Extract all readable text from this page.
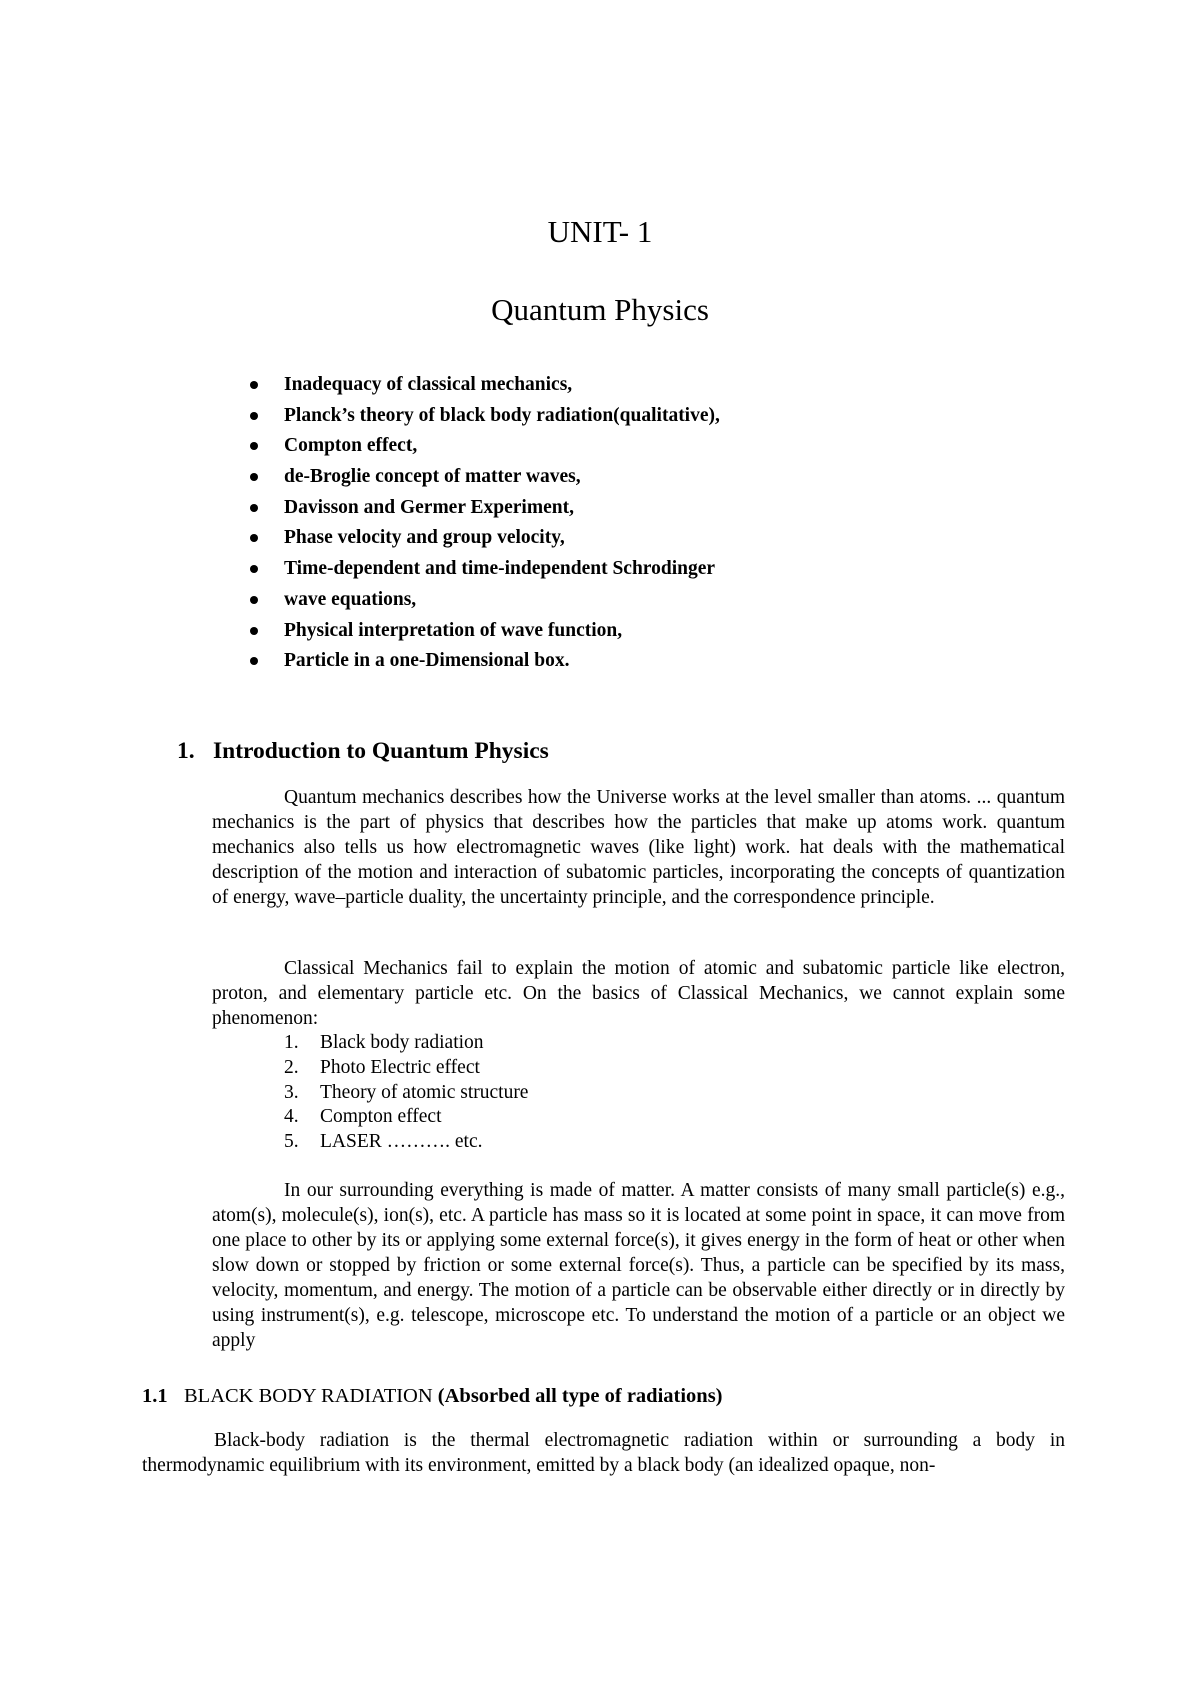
UNIT- 1
Quantum Physics
Inadequacy of classical mechanics,
Planck’s theory of black body radiation(qualitative),
Compton effect,
de-Broglie concept of matter waves,
Davisson and Germer Experiment,
Phase velocity and group velocity,
Time-dependent and time-independent Schrodinger
wave equations,
Physical interpretation of wave function,
Particle in a one-Dimensional box.
1. Introduction to Quantum Physics

Quantum mechanics describes how the Universe works at the level smaller than atoms. ... quantum mechanics is the part of physics that describes how the particles that make up atoms work. quantum mechanics also tells us how electromagnetic waves (like light) work. hat deals with the mathematical description of the motion and interaction of subatomic particles, incorporating the concepts of quantization of energy, wave–particle duality, the uncertainty principle, and the correspondence principle.

Classical Mechanics fail to explain the motion of atomic and subatomic particle like electron, proton, and elementary particle etc. On the basics of Classical Mechanics, we cannot explain some phenomenon:

1. Black body radiation
2. Photo Electric effect
3. Theory of atomic structure
4. Compton effect
5. LASER ………. etc.

In our surrounding everything is made of matter. A matter consists of many small particle(s) e.g., atom(s), molecule(s), ion(s), etc. A particle has mass so it is located at some point in space, it can move from one place to other by its or applying some external force(s), it gives energy in the form of heat or other when slow down or stopped by friction or some external force(s). Thus, a particle can be specified by its mass, velocity, momentum, and energy. The motion of a particle can be observable either directly or in directly by using instrument(s), e.g. telescope, microscope etc. To understand the motion of a particle or an object we apply

1.1 BLACK BODY RADIATION (Absorbed all type of radiations)

Black-body radiation is the thermal electromagnetic radiation within or surrounding a body in thermodynamic equilibrium with its environment, emitted by a black body (an idealized opaque, non-
